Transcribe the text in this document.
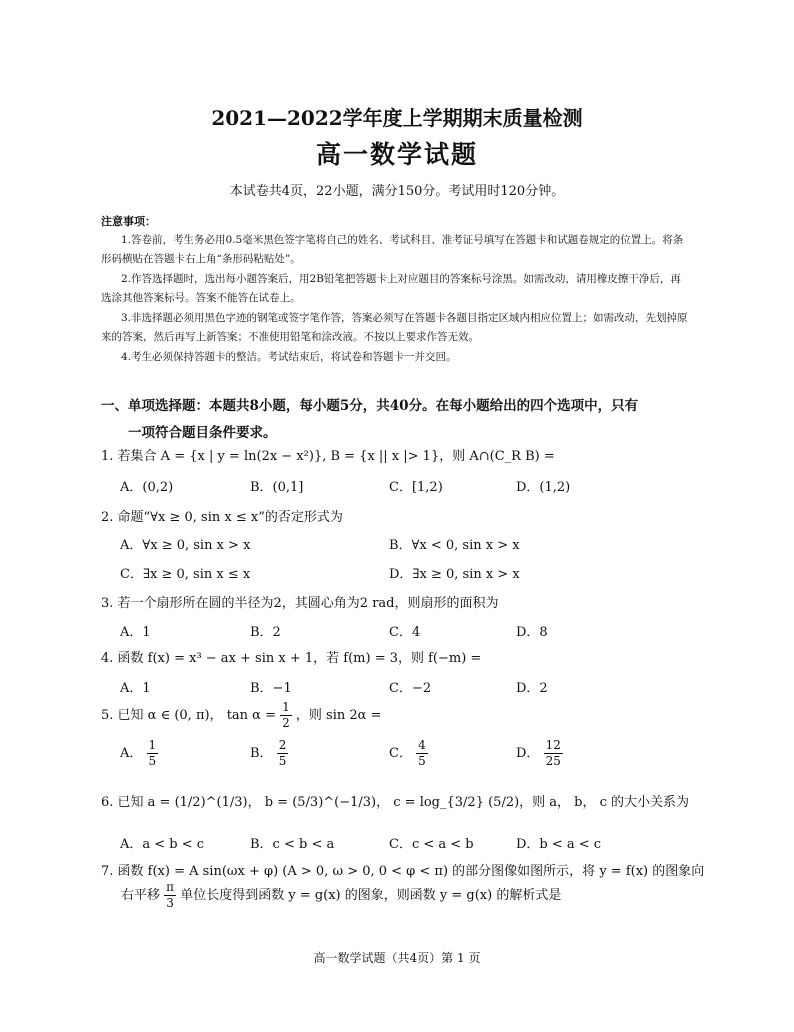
2021—2022学年度上学期期末质量检测
高一数学试题
本试卷共4页，22小题，满分150分。考试用时120分钟。
注意事项：
1.答卷前，考生务必用0.5毫米黑色签字笔将自己的姓名、考试科目、准考证号填写在答题卡和试题卷规定的位置上。将条形码横贴在答题卡右上角“条形码粘贴处”。
2.作答选择题时，选出每小题答案后，用2B铅笔把答题卡上对应题目的答案标号涂黑。如需改动，请用橡皮擦干净后，再选涂其他答案标号。答案不能答在试卷上。
3.非选择题必须用黑色字迹的钢笔或签字笔作答，答案必须写在答题卡各题目指定区域内相应位置上；如需改动，先划掉原来的答案，然后再写上新答案；不准使用铅笔和涂改液。不按以上要求作答无效。
4.考生必须保持答题卡的整洁。考试结束后，将试卷和答题卡一并交回。
一、单项选择题：本题共8小题，每小题5分，共40分。在每小题给出的四个选项中，只有
一项符合题目条件要求。
1. 若集合 A = {x | y = ln(2x − x²)}, B = {x || x |> 1}，则 A∩(C_R B) =
A．(0,2)	B．(0,1]	C．[1,2)	D．(1,2)
2. 命题“∀x ≥ 0, sin x ≤ x”的否定形式为
A．∀x ≥ 0, sin x > x	B．∀x < 0, sin x > x
C．∃x ≥ 0, sin x ≤ x	D．∃x ≥ 0, sin x > x
3. 若一个扇形所在圆的半径为2，其圆心角为2 rad，则扇形的面积为
A．1	B．2	C．4	D．8
4. 函数 f(x) = x³ − ax + sin x + 1，若 f(m) = 3，则 f(−m) =
A．1	B．−1	C．−2	D．2
5. 已知 α ∈ (0, π)， $\tan \alpha = \frac{1}{2}$ ，则 sin 2α =
A． $\frac{1}{5}$	B． $\frac{2}{5}$	C． $\frac{4}{5}$	D． $\frac{12}{25}$
6. 已知 a = (1/2)^(1/3)， b = (5/3)^(−1/3)， c = log_{3/2} (5/2)，则 a， b， c 的大小关系为
A．a < b < c	B．c < b < a	C．c < a < b	D．b < a < c
7. 函数 f(x) = A sin(ωx + φ) (A > 0, ω > 0, 0 < φ < π) 的部分图像如图所示，将 y = f(x) 的图象向
右平移 $\frac{\pi}{3}$ 单位长度得到函数 y = g(x) 的图象，则函数 y = g(x) 的解析式是
高一数学试题（共4页）第 1 页
